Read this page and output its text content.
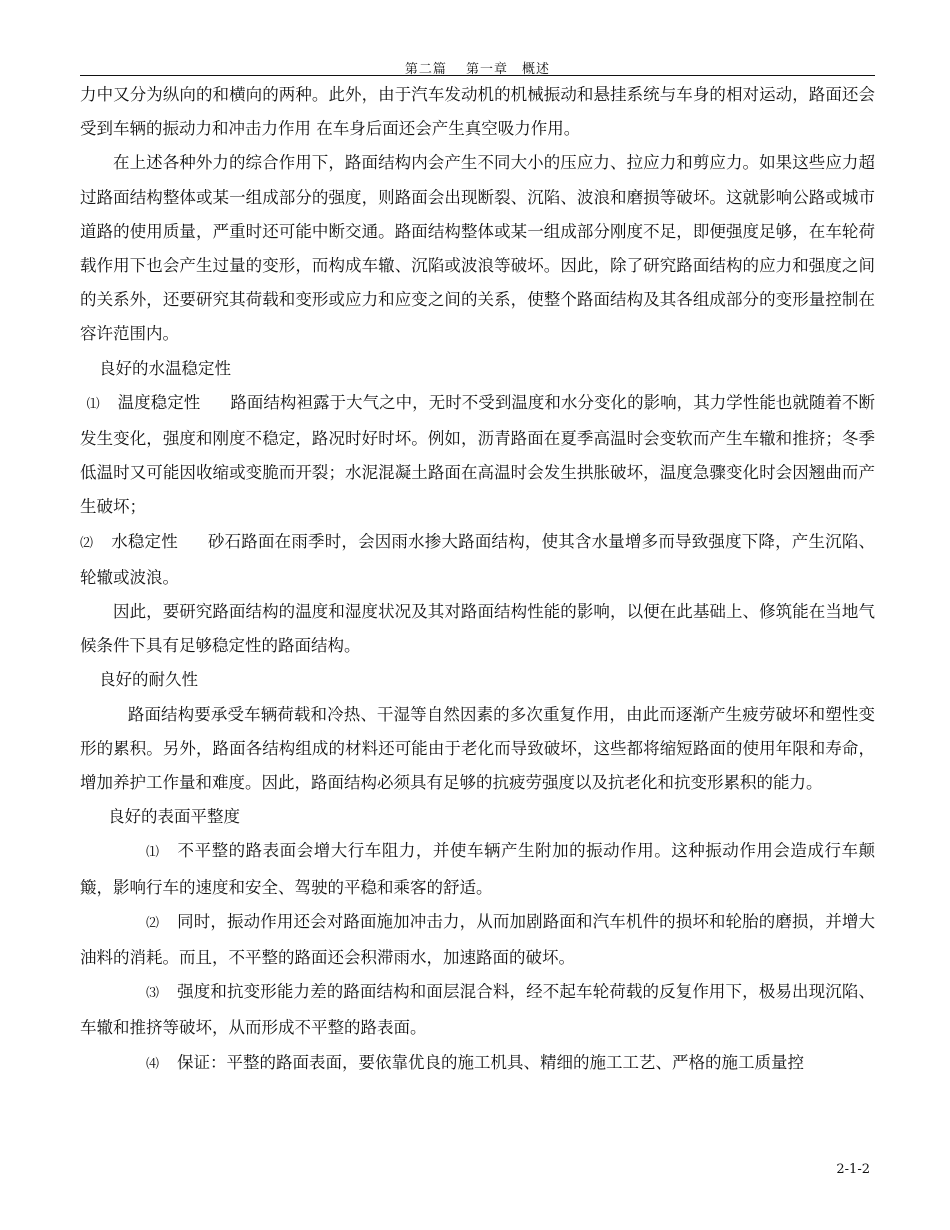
第二篇　 第一章　概述

力中又分为纵向的和横向的两种。此外，由于汽车发动机的机械振动和悬挂系统与车身的相对运动，路面还会受到车辆的振动力和冲击力作用 在车身后面还会产生真空吸力作用。

在上述各种外力的综合作用下，路面结构内会产生不同大小的压应力、拉应力和剪应力。如果这些应力超过路面结构整体或某一组成部分的强度，则路面会出现断裂、沉陷、波浪和磨损等破坏。这就影响公路或城市道路的使用质量，严重时还可能中断交通。路面结构整体或某一组成部分刚度不足，即便强度足够，在车轮荷载作用下也会产生过量的变形，而构成车辙、沉陷或波浪等破坏。因此，除了研究路面结构的应力和强度之间的关系外，还要研究其荷载和变形或应力和应变之间的关系，使整个路面结构及其各组成部分的变形量控制在容许范围内。

良好的水温稳定性

⑴ 温度稳定性 路面结构袒露于大气之中，无时不受到温度和水分变化的影响，其力学性能也就随着不断发生变化，强度和刚度不稳定，路况时好时坏。例如，沥青路面在夏季高温时会变软而产生车辙和推挤；冬季低温时又可能因收缩或变脆而开裂；水泥混凝土路面在高温时会发生拱胀破坏，温度急骤变化时会因翘曲而产生破坏；

⑵ 水稳定性 砂石路面在雨季时，会因雨水掺大路面结构，使其含水量增多而导致强度下降，产生沉陷、轮辙或波浪。

因此，要研究路面结构的温度和湿度状况及其对路面结构性能的影响，以便在此基础上、修筑能在当地气候条件下具有足够稳定性的路面结构。

良好的耐久性

路面结构要承受车辆荷载和冷热、干湿等自然因素的多次重复作用，由此而逐渐产生疲劳破坏和塑性变形的累积。另外，路面各结构组成的材料还可能由于老化而导致破坏，这些都将缩短路面的使用年限和寿命，增加养护工作量和难度。因此，路面结构必须具有足够的抗疲劳强度以及抗老化和抗变形累积的能力。

良好的表面平整度

⑴ 不平整的路表面会增大行车阻力，并使车辆产生附加的振动作用。这种振动作用会造成行车颠簸，影响行车的速度和安全、驾驶的平稳和乘客的舒适。

⑵ 同时，振动作用还会对路面施加冲击力，从而加剧路面和汽车机件的损坏和轮胎的磨损，并增大油料的消耗。而且，不平整的路面还会积滞雨水，加速路面的破坏。

⑶ 强度和抗变形能力差的路面结构和面层混合料，经不起车轮荷载的反复作用下，极易出现沉陷、车辙和推挤等破坏，从而形成不平整的路表面。

⑷ 保证：平整的路面表面，要依靠优良的施工机具、精细的施工工艺、严格的施工质量控

2-1-2
